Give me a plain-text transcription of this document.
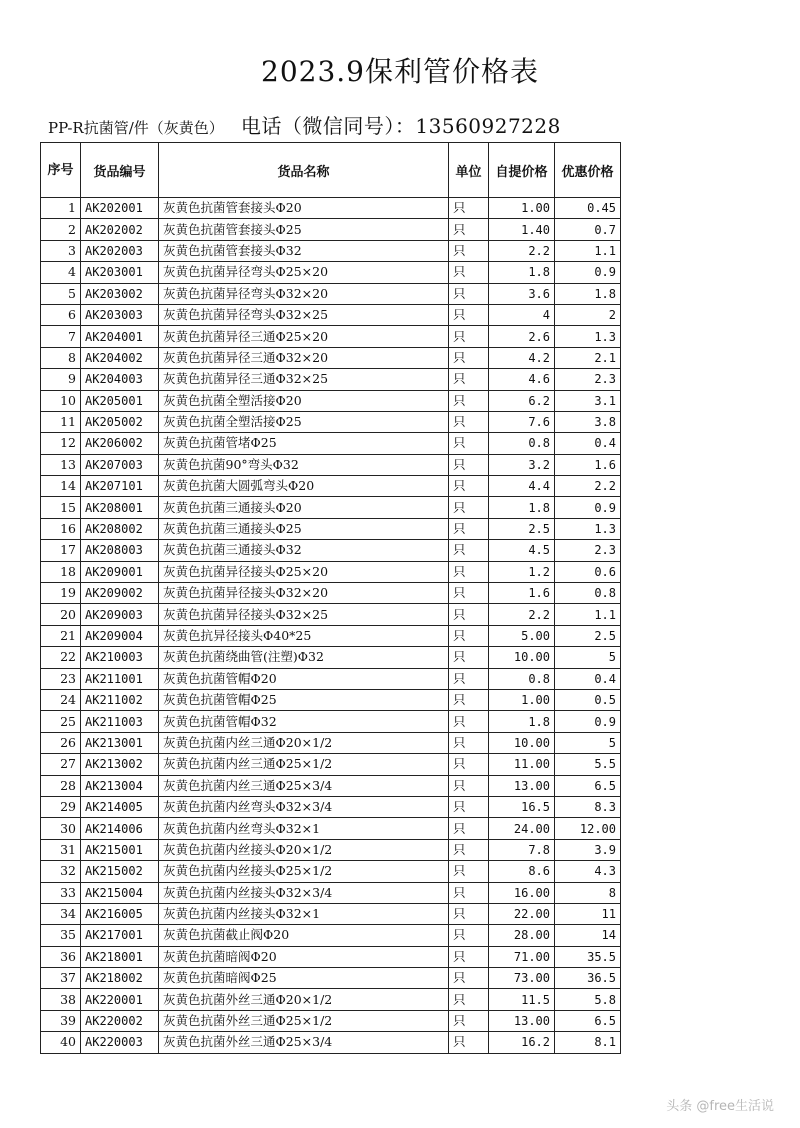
2023.9保利管价格表
PP-R抗菌管/件（灰黄色） 电话（微信同号）：13560927228
序号	货品编号	货品名称	单位	自提价格	优惠价格
1	AK202001	灰黄色抗菌管套接头Φ20	只	1.00	0.45
2	AK202002	灰黄色抗菌管套接头Φ25	只	1.40	0.7
3	AK202003	灰黄色抗菌管套接头Φ32	只	2.2	1.1
4	AK203001	灰黄色抗菌异径弯头Φ25×20	只	1.8	0.9
5	AK203002	灰黄色抗菌异径弯头Φ32×20	只	3.6	1.8
6	AK203003	灰黄色抗菌异径弯头Φ32×25	只	4	2
7	AK204001	灰黄色抗菌异径三通Φ25×20	只	2.6	1.3
8	AK204002	灰黄色抗菌异径三通Φ32×20	只	4.2	2.1
9	AK204003	灰黄色抗菌异径三通Φ32×25	只	4.6	2.3
10	AK205001	灰黄色抗菌全塑活接Φ20	只	6.2	3.1
11	AK205002	灰黄色抗菌全塑活接Φ25	只	7.6	3.8
12	AK206002	灰黄色抗菌管堵Φ25	只	0.8	0.4
13	AK207003	灰黄色抗菌90°弯头Φ32	只	3.2	1.6
14	AK207101	灰黄色抗菌大圆弧弯头Φ20	只	4.4	2.2
15	AK208001	灰黄色抗菌三通接头Φ20	只	1.8	0.9
16	AK208002	灰黄色抗菌三通接头Φ25	只	2.5	1.3
17	AK208003	灰黄色抗菌三通接头Φ32	只	4.5	2.3
18	AK209001	灰黄色抗菌异径接头Φ25×20	只	1.2	0.6
19	AK209002	灰黄色抗菌异径接头Φ32×20	只	1.6	0.8
20	AK209003	灰黄色抗菌异径接头Φ32×25	只	2.2	1.1
21	AK209004	灰黄色抗异径接头Φ40*25	只	5.00	2.5
22	AK210003	灰黄色抗菌绕曲管(注塑)Φ32	只	10.00	5
23	AK211001	灰黄色抗菌管帽Φ20	只	0.8	0.4
24	AK211002	灰黄色抗菌管帽Φ25	只	1.00	0.5
25	AK211003	灰黄色抗菌管帽Φ32	只	1.8	0.9
26	AK213001	灰黄色抗菌内丝三通Φ20×1/2	只	10.00	5
27	AK213002	灰黄色抗菌内丝三通Φ25×1/2	只	11.00	5.5
28	AK213004	灰黄色抗菌内丝三通Φ25×3/4	只	13.00	6.5
29	AK214005	灰黄色抗菌内丝弯头Φ32×3/4	只	16.5	8.3
30	AK214006	灰黄色抗菌内丝弯头Φ32×1	只	24.00	12.00
31	AK215001	灰黄色抗菌内丝接头Φ20×1/2	只	7.8	3.9
32	AK215002	灰黄色抗菌内丝接头Φ25×1/2	只	8.6	4.3
33	AK215004	灰黄色抗菌内丝接头Φ32×3/4	只	16.00	8
34	AK216005	灰黄色抗菌内丝接头Φ32×1	只	22.00	11
35	AK217001	灰黄色抗菌截止阀Φ20	只	28.00	14
36	AK218001	灰黄色抗菌暗阀Φ20	只	71.00	35.5
37	AK218002	灰黄色抗菌暗阀Φ25	只	73.00	36.5
38	AK220001	灰黄色抗菌外丝三通Φ20×1/2	只	11.5	5.8
39	AK220002	灰黄色抗菌外丝三通Φ25×1/2	只	13.00	6.5
40	AK220003	灰黄色抗菌外丝三通Φ25×3/4	只	16.2	8.1
头条 @free生活说
